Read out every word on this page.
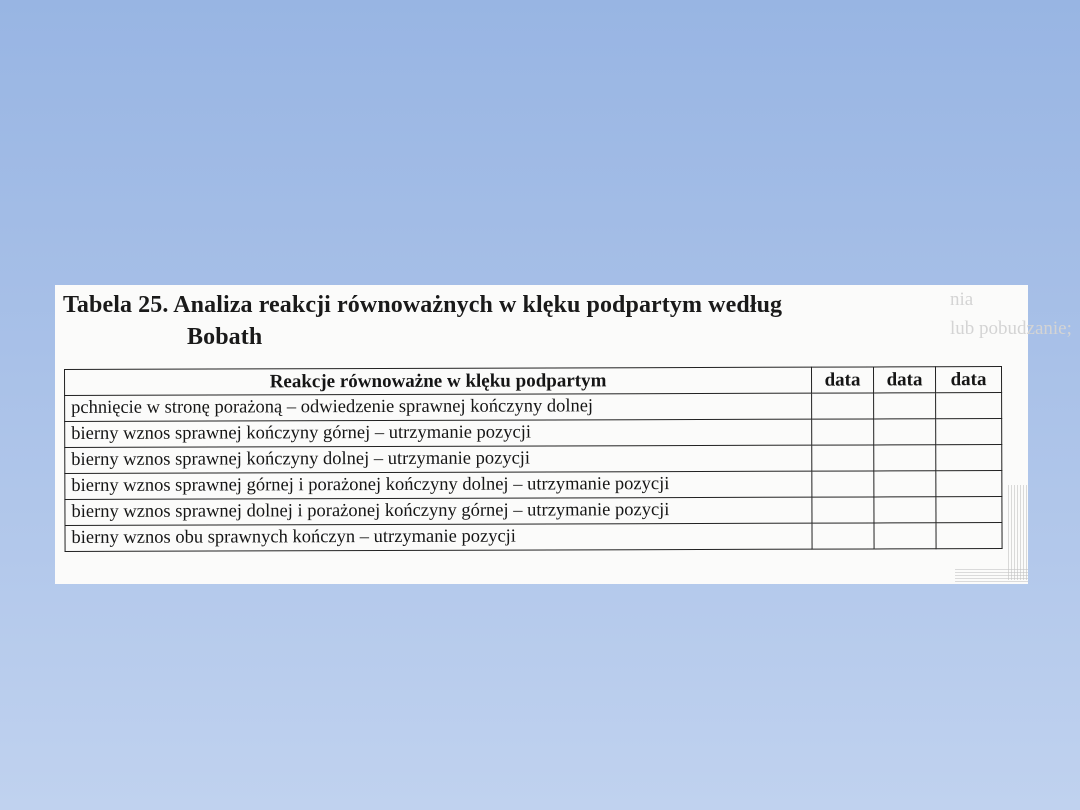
nia
lub pobudzanie;
—
Tabela 25. Analiza reakcji równoważnych w klęku podpartym według
Bobath
Reakcje równoważne w klęku podpartym	data	data	data
pchnięcie w stronę porażoną – odwiedzenie sprawnej kończyny dolnej			
bierny wznos sprawnej kończyny górnej – utrzymanie pozycji			
bierny wznos sprawnej kończyny dolnej – utrzymanie pozycji			
bierny wznos sprawnej górnej i porażonej kończyny dolnej – utrzymanie pozycji			
bierny wznos sprawnej dolnej i porażonej kończyny górnej – utrzymanie pozycji			
bierny wznos obu sprawnych kończyn – utrzymanie pozycji			
